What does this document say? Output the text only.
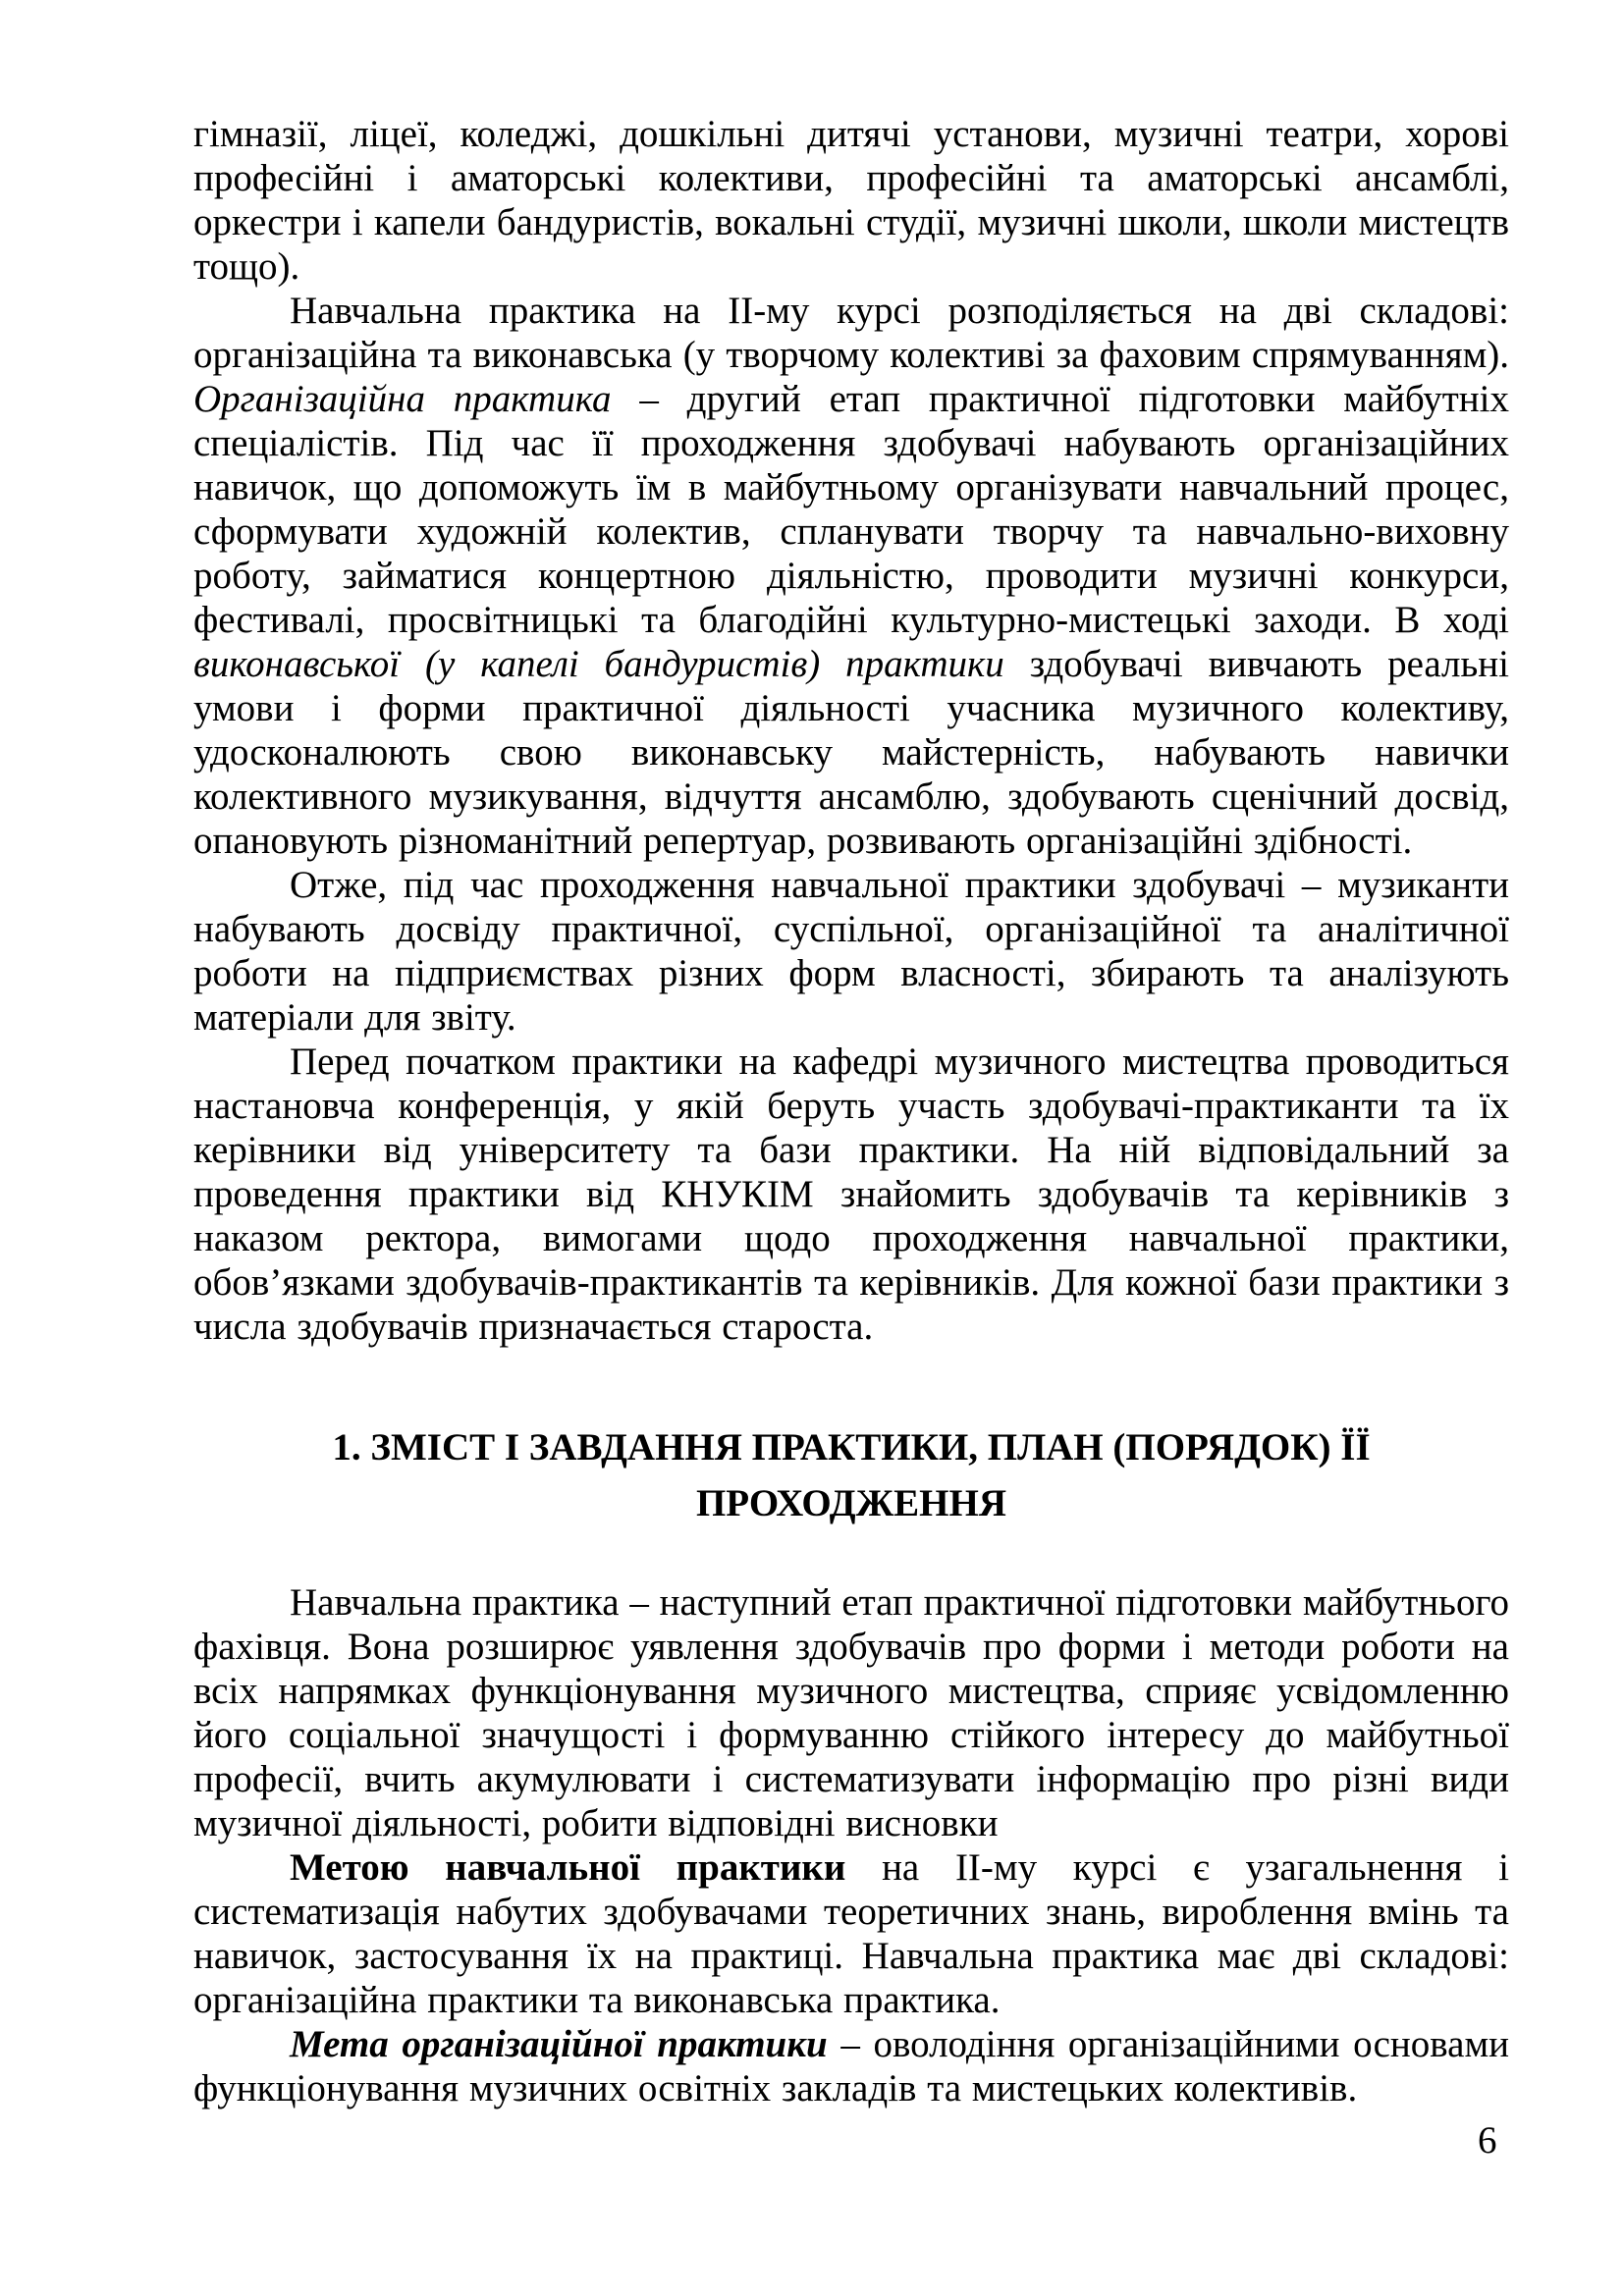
гімназії, ліцеї, коледжі, дошкільні дитячі установи, музичні театри, хорові професійні і аматорські колективи, професійні та аматорські ансамблі, оркестри і капели бандуристів, вокальні студії, музичні школи, школи мистецтв тощо).

Навчальна практика на ІІ-му курсі розподіляється на дві складові: організаційна та виконавська (у творчому колективі за фаховим спрямуванням). Організаційна практика – другий етап практичної підготовки майбутніх спеціалістів. Під час її проходження здобувачі набувають організаційних навичок, що допоможуть їм в майбутньому організувати навчальний процес, сформувати художній колектив, спланувати творчу та навчально-виховну роботу, займатися концертною діяльністю, проводити музичні конкурси, фестивалі, просвітницькі та благодійні культурно-мистецькі заходи. В ході виконавської (у капелі бандуристів) практики здобувачі вивчають реальні умови і форми практичної діяльності учасника музичного колективу, удосконалюють свою виконавську майстерність, набувають навички колективного музикування, відчуття ансамблю, здобувають сценічний досвід, опановують різноманітний репертуар, розвивають організаційні здібності.

Отже, під час проходження навчальної практики здобувачі – музиканти набувають досвіду практичної, суспільної, організаційної та аналітичної роботи на підприємствах різних форм власності, збирають та аналізують матеріали для звіту.

Перед початком практики на кафедрі музичного мистецтва проводиться настановча конференція, у якій беруть участь здобувачі-практиканти та їх керівники від університету та бази практики. На ній відповідальний за проведення практики від КНУКІМ знайомить здобувачів та керівників з наказом ректора, вимогами щодо проходження навчальної практики, обов’язками здобувачів-практикантів та керівників. Для кожної бази практики з числа здобувачів призначається староста.

1. ЗМІСТ І ЗАВДАННЯ ПРАКТИКИ, ПЛАН (ПОРЯДОК) ЇЇ ПРОХОДЖЕННЯ

Навчальна практика – наступний етап практичної підготовки майбутнього фахівця. Вона розширює уявлення здобувачів про форми і методи роботи на всіх напрямках функціонування музичного мистецтва, сприяє усвідомленню його соціальної значущості і формуванню стійкого інтересу до майбутньої професії, вчить акумулювати і систематизувати інформацію про різні види музичної діяльності, робити відповідні висновки

Метою навчальної практики на ІІ-му курсі є узагальнення і систематизація набутих здобувачами теоретичних знань, вироблення вмінь та навичок, застосування їх на практиці. Навчальна практика має дві складові: організаційна практики та виконавська практика.

Мета організаційної практики – оволодіння організаційними основами функціонування музичних освітніх закладів та мистецьких колективів.

6
